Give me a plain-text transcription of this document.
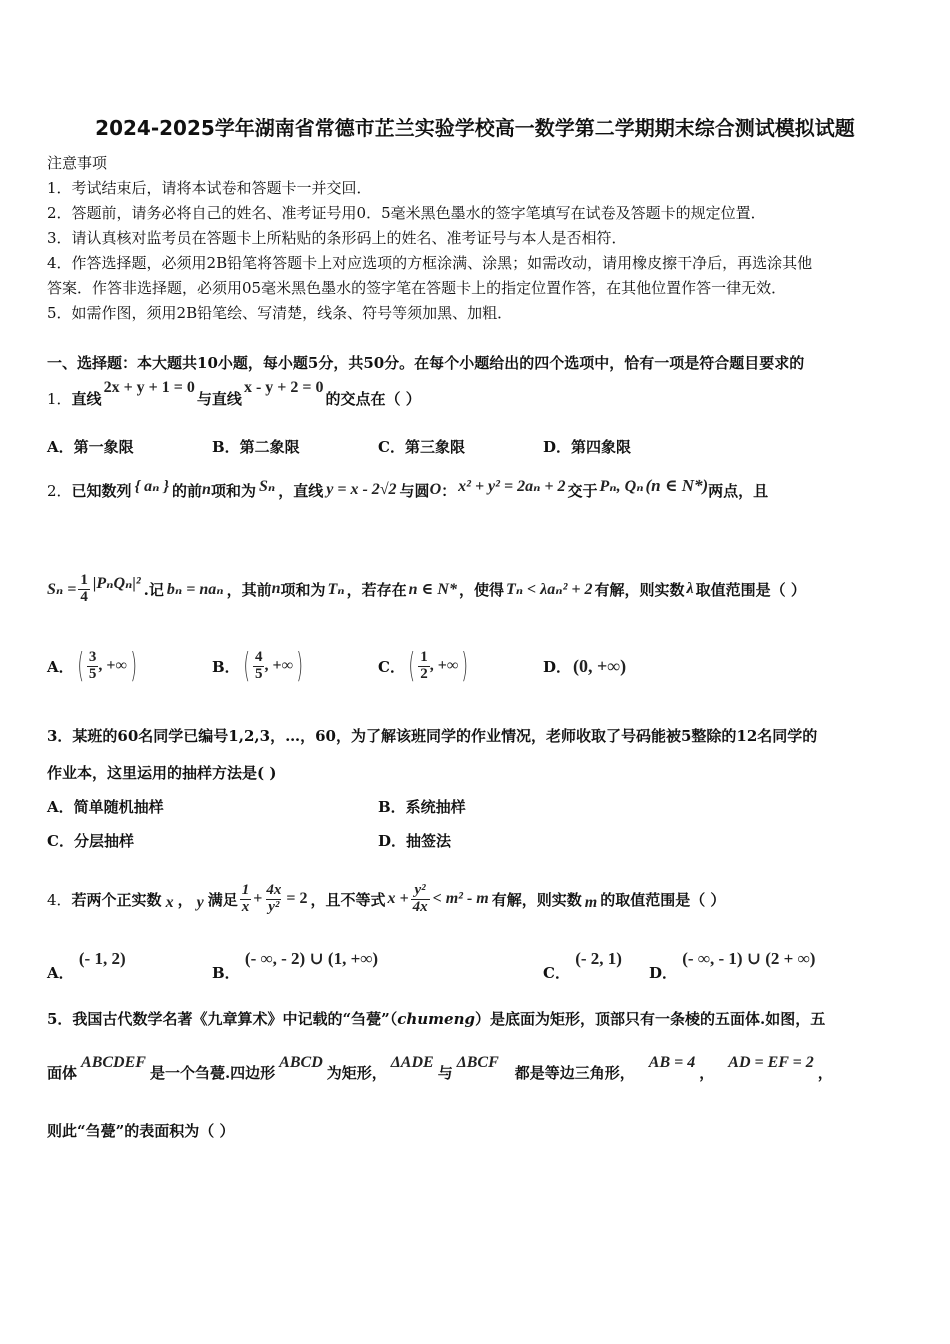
2024-2025学年湖南省常德市芷兰实验学校高一数学第二学期期末综合测试模拟试题
注意事项
1．考试结束后，请将本试卷和答题卡一并交回．
2．答题前，请务必将自己的姓名、准考证号用0．5毫米黑色墨水的签字笔填写在试卷及答题卡的规定位置．
3．请认真核对监考员在答题卡上所粘贴的条形码上的姓名、准考证号与本人是否相符．
4．作答选择题，必须用2B铅笔将答题卡上对应选项的方框涂满、涂黑；如需改动，请用橡皮擦干净后，再选涂其他
答案．作答非选择题，必须用05毫米黑色墨水的签字笔在答题卡上的指定位置作答，在其他位置作答一律无效．
5．如需作图，须用2B铅笔绘、写清楚，线条、符号等须加黑、加粗．
一、选择题：本大题共10小题，每小题5分，共50分。在每个小题给出的四个选项中，恰有一项是符合题目要求的
1． 直线
2x + y + 1 = 0
与直线
x - y + 2 = 0
的交点在（ ）
A．第一象限	B．第二象限	C．第三象限	D．第四象限
2． 已知数列 { aₙ } 的前 n 项和为 Sₙ ，直线 y = x - 2√2 与圆 O ： x² + y² = 2aₙ + 2 交于 Pₙ, Qₙ (n ∈ N*) 两点，且
$S_n = \frac{1}{4} |P_nQ_n|^2$ .记 bₙ = naₙ ，其前 n 项和为 Tₙ ，若存在 n ∈ N* ，使得 Tₙ < λaₙ² + 2 有解，则实数 λ 取值范围是（ ）
A． ( $\frac{3}{5}$ , +∞ )	B． ( $\frac{4}{5}$ , +∞ )	C． ( $\frac{1}{2}$ , +∞ )	D． (0, +∞)
3．某班的60名同学已编号1,2,3，…，60，为了解该班同学的作业情况，老师收取了号码能被5整除的12名同学的
作业本，这里运用的抽样方法是( )
A．简单随机抽样	B．系统抽样
C．分层抽样	D．抽签法
4． 若两个正实数 x ， y 满足 $\frac{1}{x} + \frac{4x}{\text{y²}} = 2$ ，且不等式 $x + \frac{\text{y²}}{4x} < m^2 - m$ 有解，则实数 m 的取值范围是（ ）
A． (- 1, 2)
B． (- ∞, - 2) ∪ (1, +∞)
C． (- 2, 1)
D． (- ∞, - 1) ∪ (2 + ∞)
5．我国古代数学名著《九章算术》中记载的“刍甍”（chumeng）是底面为矩形，顶部只有一条棱的五面体.如图，五
面体
ABCDEF
是一个刍甍.四边形
ABCD
为矩形，
ΔADE
与
ΔBCF
都是等边三角形，
AB = 4
，
AD = EF = 2
，
则此“刍甍”的表面积为（ ）
